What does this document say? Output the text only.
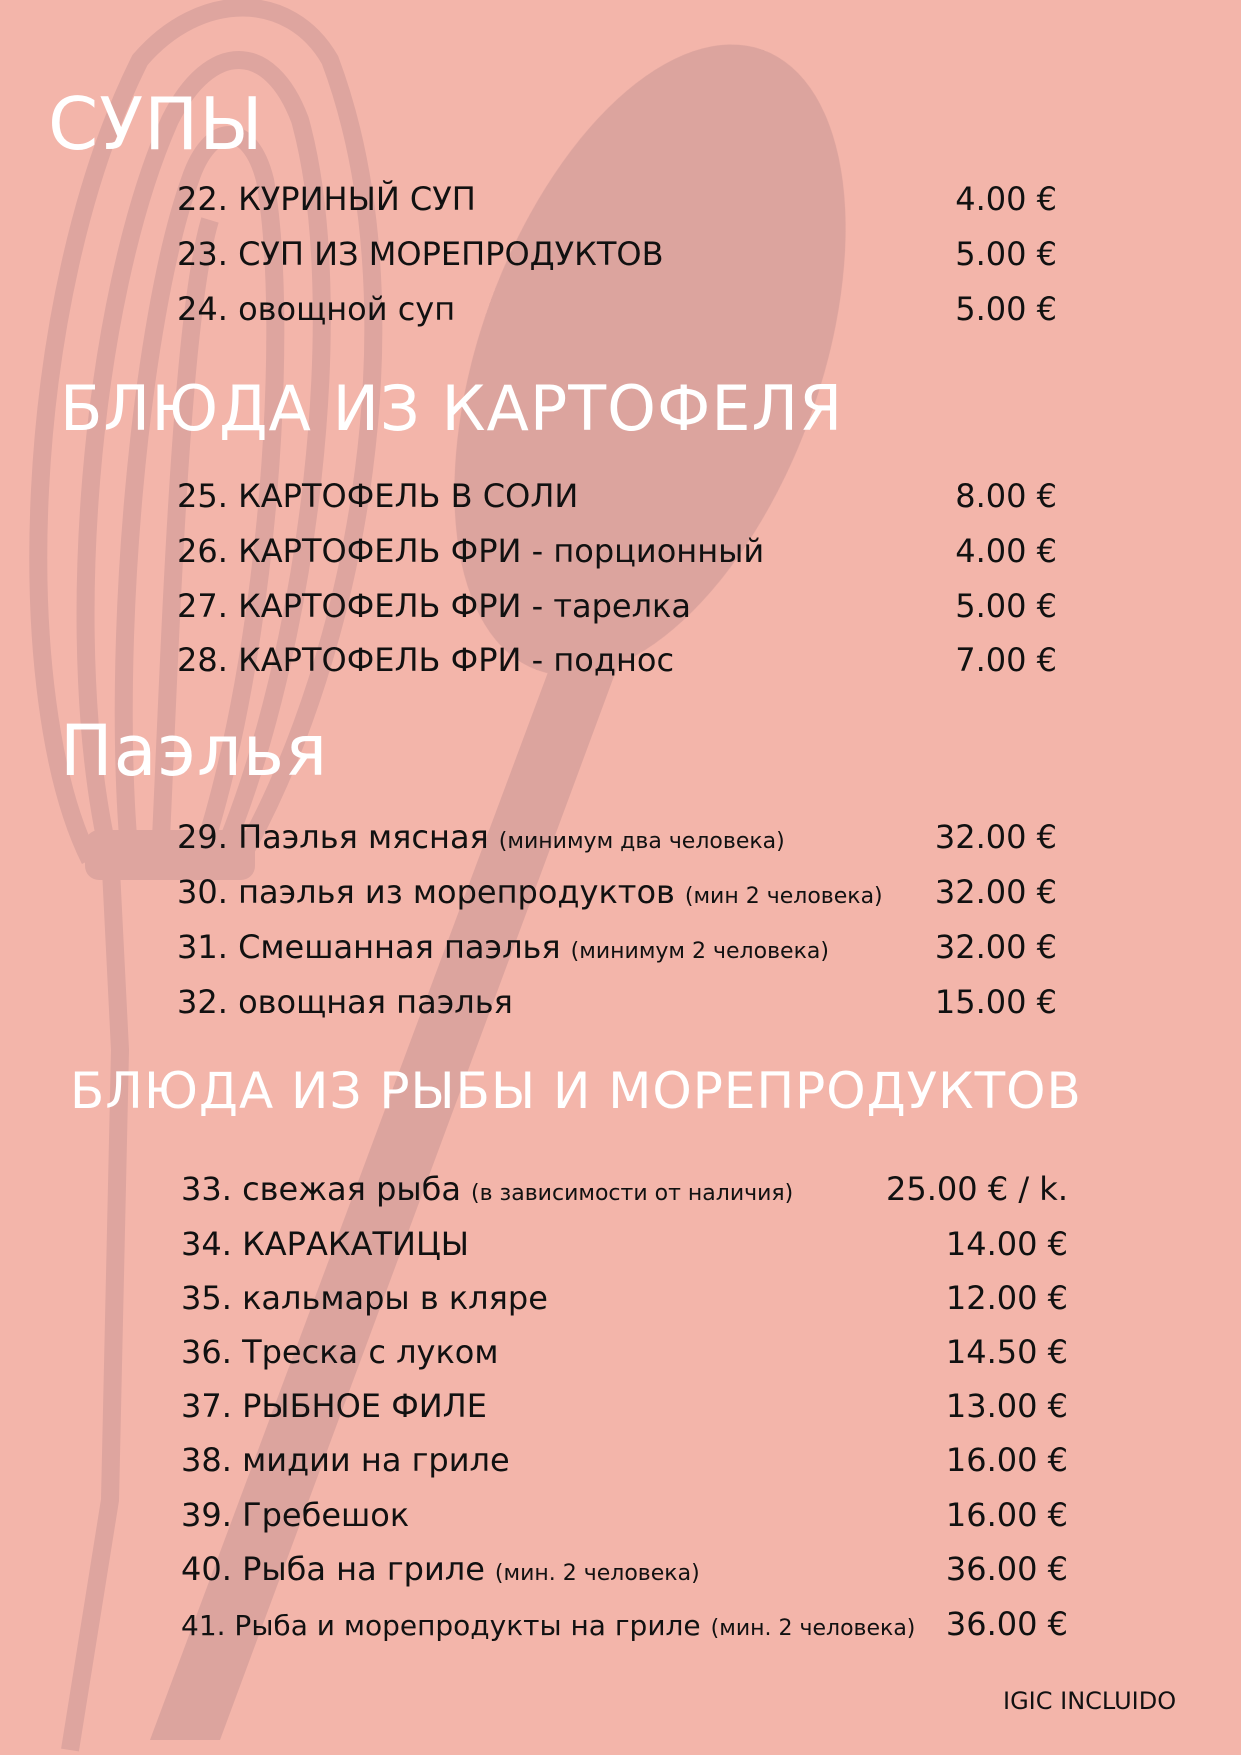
СУПЫ
22. КУРИНЫЙ СУП	4.00 €
23. СУП ИЗ МОРЕПРОДУКТОВ	5.00 €
24. овощной суп	5.00 €
БЛЮДА ИЗ КАРТОФЕЛЯ
25. КАРТОФЕЛЬ В СОЛИ	8.00 €
26. КАРТОФЕЛЬ ФРИ - порционный	4.00 €
27. КАРТОФЕЛЬ ФРИ - тарелка	5.00 €
28. КАРТОФЕЛЬ ФРИ - поднос	7.00 €
Паэлья
29. Паэлья мясная (минимум два человека)	32.00 €
30. паэлья из морепродуктов (мин 2 человека)	32.00 €
31. Смешанная паэлья (минимум 2 человека)	32.00 €
32. овощная паэлья	15.00 €
БЛЮДА ИЗ РЫБЫ И МОРЕПРОДУКТОВ
33. свежая рыба (в зависимости от наличия)	25.00 € / k.
34. КАРАКАТИЦЫ	14.00 €
35. кальмары в кляре	12.00 €
36. Треска с луком	14.50 €
37. РЫБНОЕ ФИЛЕ	13.00 €
38. мидии на гриле	16.00 €
39. Гребешок	16.00 €
40. Рыба на гриле (мин. 2 человека)	36.00 €
41. Рыба и морепродукты на гриле (мин. 2 человека) 36.00 €
IGIC INCLUIDO
